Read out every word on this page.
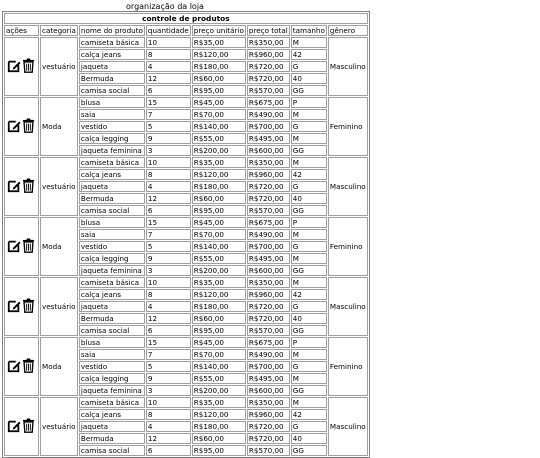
organização da loja
controle de produtos							
ações	categoria	nome do produto	quantidade	preço unitário	preço total	tamanho	gênero
	vestuário	camiseta básica	10	R$35,00	R$350,00	M	Masculino
		calça jeans	8	R$120,00	R$960,00	42	
		jaqueta	4	R$180,00	R$720,00	G	
		Bermuda	12	R$60,00	R$720,00	40	
		camisa social	6	R$95,00	R$570,00	GG	
	Moda	blusa	15	R$45,00	R$675,00	P	Feminino
		saia	7	R$70,00	R$490,00	M	
		vestido	5	R$140,00	R$700,00	G	
		calça legging	9	R$55,00	R$495,00	M	
		jaqueta feminina	3	R$200,00	R$600,00	GG	
	vestuário	camiseta básica	10	R$35,00	R$350,00	M	Masculino
		calça jeans	8	R$120,00	R$960,00	42	
		jaqueta	4	R$180,00	R$720,00	G	
		Bermuda	12	R$60,00	R$720,00	40	
		camisa social	6	R$95,00	R$570,00	GG	
	Moda	blusa	15	R$45,00	R$675,00	P	Feminino
		saia	7	R$70,00	R$490,00	M	
		vestido	5	R$140,00	R$700,00	G	
		calça legging	9	R$55,00	R$495,00	M	
		jaqueta feminina	3	R$200,00	R$600,00	GG	
	vestuário	camiseta básica	10	R$35,00	R$350,00	M	Masculino
		calça jeans	8	R$120,00	R$960,00	42	
		jaqueta	4	R$180,00	R$720,00	G	
		Bermuda	12	R$60,00	R$720,00	40	
		camisa social	6	R$95,00	R$570,00	GG	
	Moda	blusa	15	R$45,00	R$675,00	P	Feminino
		saia	7	R$70,00	R$490,00	M	
		vestido	5	R$140,00	R$700,00	G	
		calça legging	9	R$55,00	R$495,00	M	
		jaqueta feminina	3	R$200,00	R$600,00	GG	
	vestuário	camiseta básica	10	R$35,00	R$350,00	M	Masculino
		calça jeans	8	R$120,00	R$960,00	42	
		jaqueta	4	R$180,00	R$720,00	G	
		Bermuda	12	R$60,00	R$720,00	40	
		camisa social	6	R$95,00	R$570,00	GG	
